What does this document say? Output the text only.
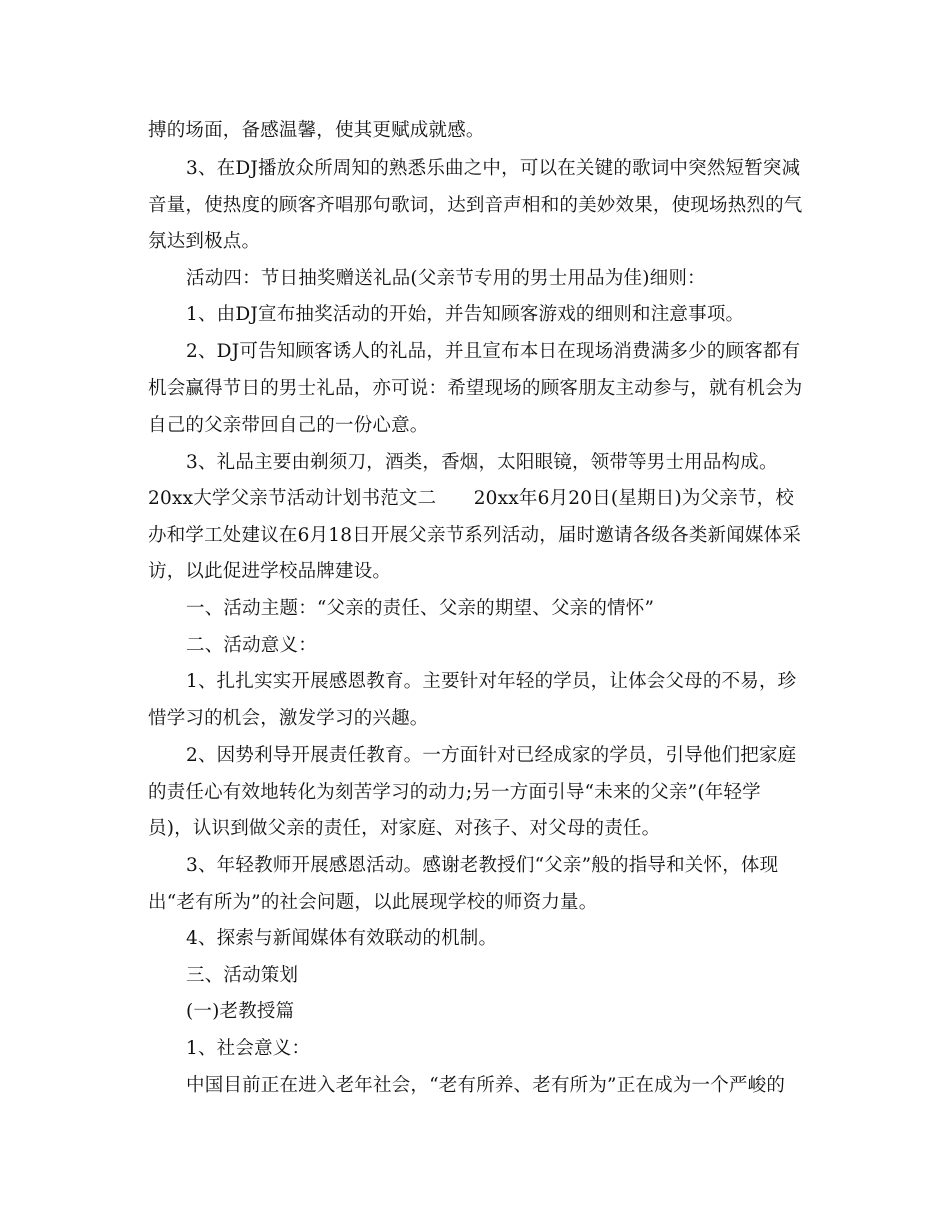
搏的场面，备感温馨，使其更赋成就感。
3、在DJ播放众所周知的熟悉乐曲之中，可以在关键的歌词中突然短暂突减
音量，使热度的顾客齐唱那句歌词，达到音声相和的美妙效果，使现场热烈的气
氛达到极点。
活动四：节日抽奖赠送礼品(父亲节专用的男士用品为佳)细则：
1、由DJ宣布抽奖活动的开始，并告知顾客游戏的细则和注意事项。
2、DJ可告知顾客诱人的礼品，并且宣布本日在现场消费满多少的顾客都有
机会赢得节日的男士礼品，亦可说：希望现场的顾客朋友主动参与，就有机会为
自己的父亲带回自己的一份心意。
3、礼品主要由剃须刀，酒类，香烟，太阳眼镜，领带等男士用品构成。
20xx大学父亲节活动计划书范文二　　20xx年6月20日(星期日)为父亲节，校
办和学工处建议在6月18日开展父亲节系列活动，届时邀请各级各类新闻媒体采
访，以此促进学校品牌建设。
一、活动主题：“父亲的责任、父亲的期望、父亲的情怀”
二、活动意义：
1、扎扎实实开展感恩教育。主要针对年轻的学员，让体会父母的不易，珍
惜学习的机会，激发学习的兴趣。
2、因势利导开展责任教育。一方面针对已经成家的学员，引导他们把家庭
的责任心有效地转化为刻苦学习的动力;另一方面引导“未来的父亲”(年轻学
员)，认识到做父亲的责任，对家庭、对孩子、对父母的责任。
3、年轻教师开展感恩活动。感谢老教授们“父亲”般的指导和关怀，体现
出“老有所为”的社会问题，以此展现学校的师资力量。
4、探索与新闻媒体有效联动的机制。
三、活动策划
(一)老教授篇
1、社会意义：
中国目前正在进入老年社会，“老有所养、老有所为”正在成为一个严峻的
